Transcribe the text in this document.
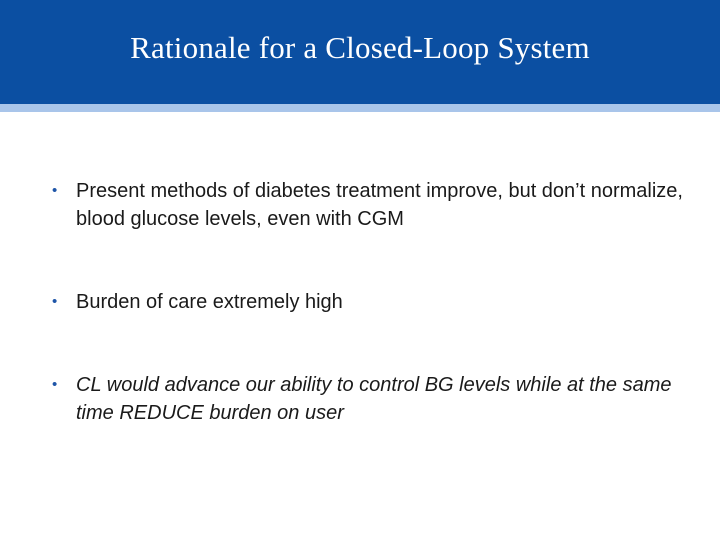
Rationale for a Closed-Loop System
• Present methods of diabetes treatment improve, but don’t normalize, blood glucose levels, even with CGM
• Burden of care extremely high
• CL would advance our ability to control BG levels while at the same time REDUCE burden on user
